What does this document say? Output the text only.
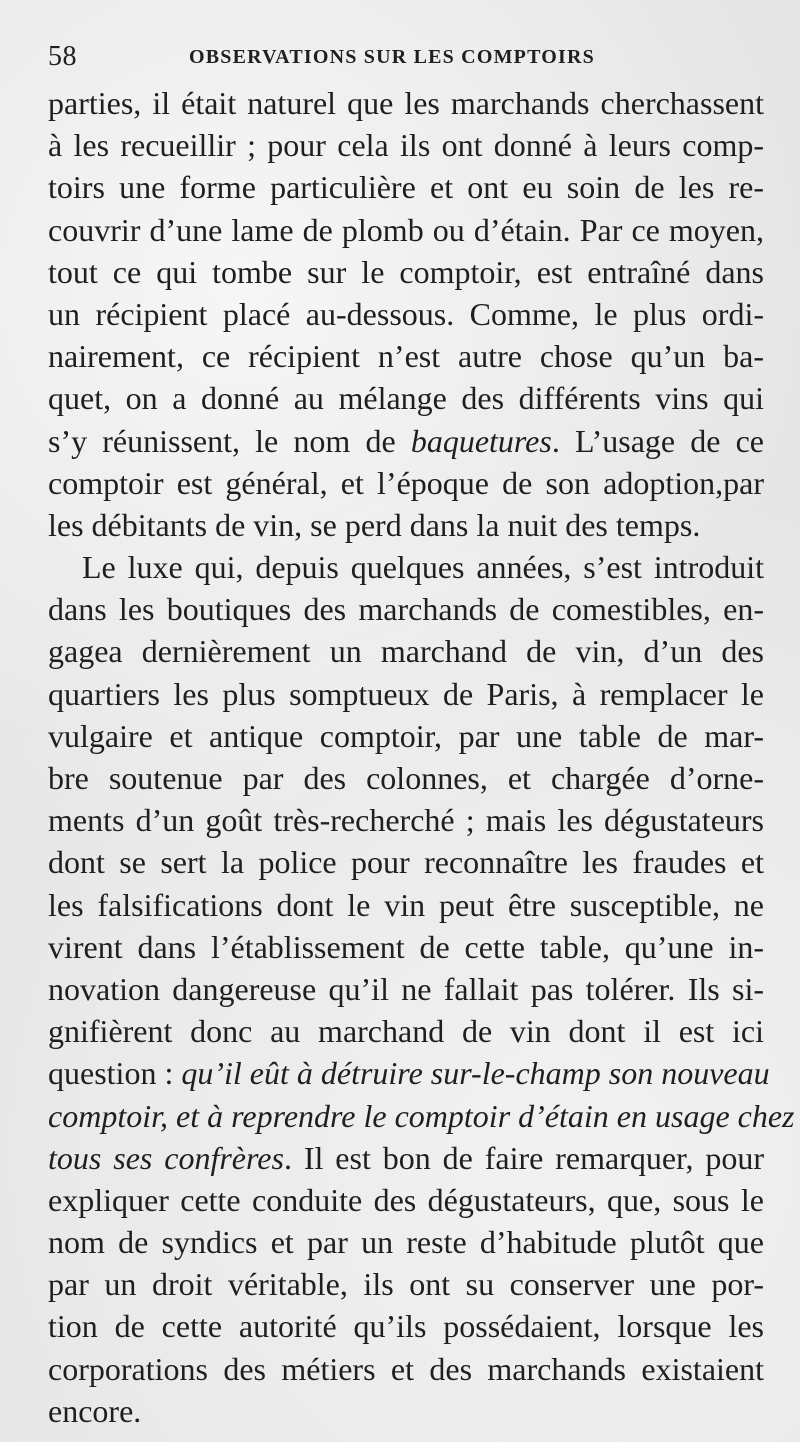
58	OBSERVATIONS SUR LES COMPTOIRS
parties, il était naturel que les marchands cherchassent
à les recueillir ; pour cela ils ont donné à leurs comp-
toirs une forme particulière et ont eu soin de les re-
couvrir d’une lame de plomb ou d’étain. Par ce moyen,
tout ce qui tombe sur le comptoir, est entraîné dans
un récipient placé au-dessous. Comme, le plus ordi-
nairement, ce récipient n’est autre chose qu’un ba-
quet, on a donné au mélange des différents vins qui
s’y réunissent, le nom de baquetures. L’usage de ce
comptoir est général, et l’époque de son adoption,par
les débitants de vin, se perd dans la nuit des temps.
Le luxe qui, depuis quelques années, s’est introduit
dans les boutiques des marchands de comestibles, en-
gagea dernièrement un marchand de vin, d’un des
quartiers les plus somptueux de Paris, à remplacer le
vulgaire et antique comptoir, par une table de mar-
bre soutenue par des colonnes, et chargée d’orne-
ments d’un goût très-recherché ; mais les dégustateurs
dont se sert la police pour reconnaître les fraudes et
les falsifications dont le vin peut être susceptible, ne
virent dans l’établissement de cette table, qu’une in-
novation dangereuse qu’il ne fallait pas tolérer. Ils si-
gnifièrent donc au marchand de vin dont il est ici
question : qu’il eût à détruire sur-le-champ son nouveau
comptoir, et à reprendre le comptoir d’étain en usage chez
tous ses confrères. Il est bon de faire remarquer, pour
expliquer cette conduite des dégustateurs, que, sous le
nom de syndics et par un reste d’habitude plutôt que
par un droit véritable, ils ont su conserver une por-
tion de cette autorité qu’ils possédaient, lorsque les
corporations des métiers et des marchands existaient
encore.
